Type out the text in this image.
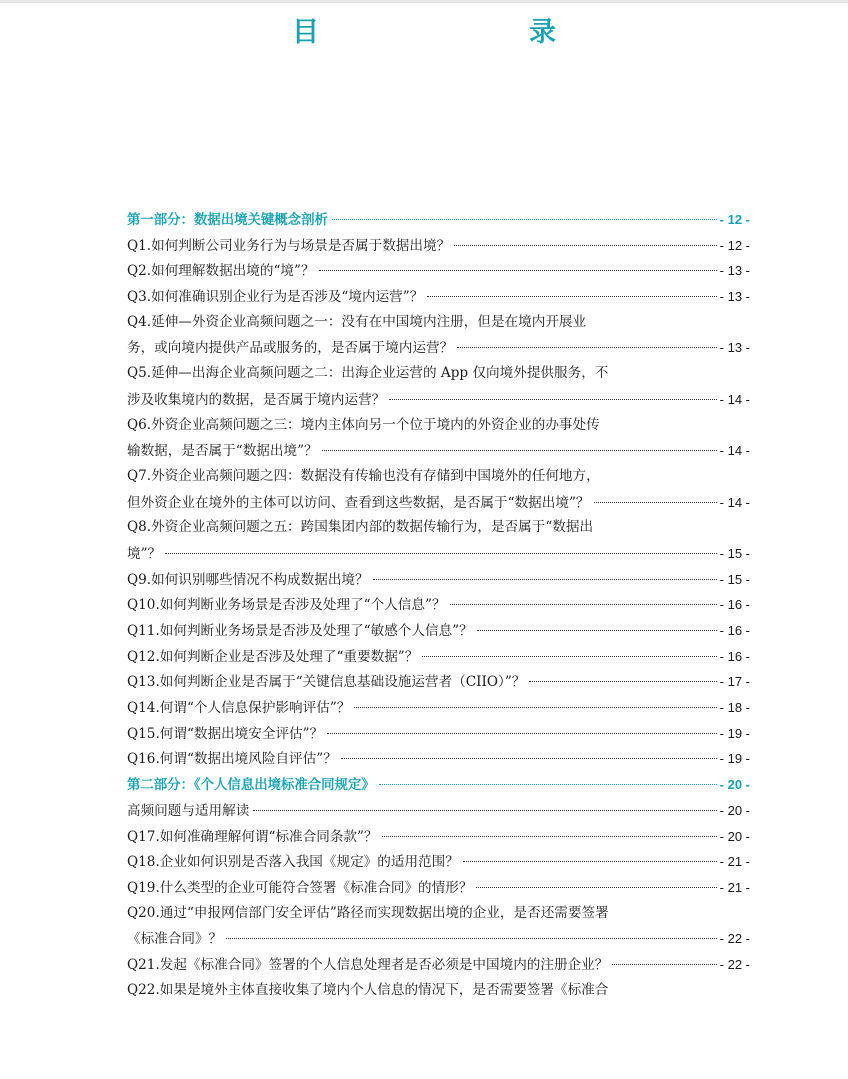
目　　录
第一部分：数据出境关键概念剖析	- 12 -
Q1.如何判断公司业务行为与场景是否属于数据出境？	- 12 -
Q2.如何理解数据出境的“境”？	- 13 -
Q3.如何准确识别企业行为是否涉及“境内运营”？	- 13 -
Q4.延伸—外资企业高频问题之一：没有在中国境内注册，但是在境内开展业
务，或向境内提供产品或服务的，是否属于境内运营？	- 13 -
Q5.延伸—出海企业高频问题之二：出海企业运营的 App 仅向境外提供服务，不
涉及收集境内的数据，是否属于境内运营？	- 14 -
Q6.外资企业高频问题之三：境内主体向另一个位于境内的外资企业的办事处传
输数据，是否属于“数据出境”？	- 14 -
Q7.外资企业高频问题之四：数据没有传输也没有存储到中国境外的任何地方，
但外资企业在境外的主体可以访问、查看到这些数据，是否属于“数据出境”？	- 14 -
Q8.外资企业高频问题之五：跨国集团内部的数据传输行为，是否属于“数据出
境”？	- 15 -
Q9.如何识别哪些情况不构成数据出境？	- 15 -
Q10.如何判断业务场景是否涉及处理了“个人信息”？	- 16 -
Q11.如何判断业务场景是否涉及处理了“敏感个人信息”？	- 16 -
Q12.如何判断企业是否涉及处理了“重要数据”？	- 16 -
Q13.如何判断企业是否属于“关键信息基础设施运营者（CIIO）”？	- 17 -
Q14.何谓“个人信息保护影响评估”？	- 18 -
Q15.何谓“数据出境安全评估”？	- 19 -
Q16.何谓“数据出境风险自评估”？	- 19 -
第二部分：《个人信息出境标准合同规定》	- 20 -
高频问题与适用解读	- 20 -
Q17.如何准确理解何谓“标准合同条款”？	- 20 -
Q18.企业如何识别是否落入我国《规定》的适用范围？	- 21 -
Q19.什么类型的企业可能符合签署《标准合同》的情形？	- 21 -
Q20.通过“申报网信部门安全评估”路径而实现数据出境的企业，是否还需要签署
《标准合同》？	- 22 -
Q21.发起《标准合同》签署的个人信息处理者是否必须是中国境内的注册企业？	- 22 -
Q22.如果是境外主体直接收集了境内个人信息的情况下，是否需要签署《标准合
